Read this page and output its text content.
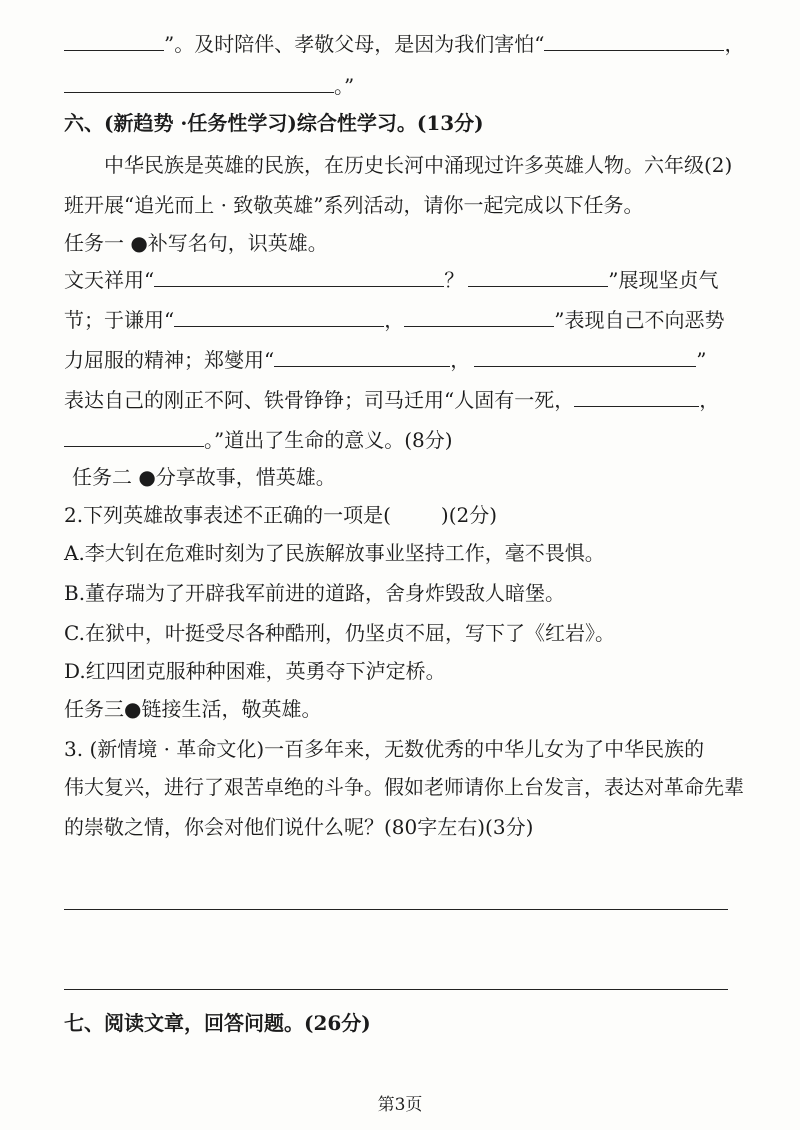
”。及时陪伴、孝敬父母，是因为我们害怕“	，
。”
六、(新趋势 ·任务性学习)综合性学习。(13分)
中华民族是英雄的民族，在历史长河中涌现过许多英雄人物。六年级(2)
班开展“追光而上 · 致敬英雄”系列活动，请你一起完成以下任务。
任务一 ●补写名句，识英雄。
文天祥用“	？	”展现坚贞气
节；于谦用“	，	”表现自己不向恶势
力屈服的精神；郑燮用“	，	”
表达自己的刚正不阿、铁骨铮铮；司马迁用“人固有一死，	，
。”道出了生命的意义。(8分)
任务二 ●分享故事，惜英雄。
2.下列英雄故事表述不正确的一项是(	)(2分)
A.李大钊在危难时刻为了民族解放事业坚持工作，毫不畏惧。
B.董存瑞为了开辟我军前进的道路，舍身炸毁敌人暗堡。
C.在狱中，叶挺受尽各种酷刑，仍坚贞不屈，写下了《红岩》。
D.红四团克服种种困难，英勇夺下泸定桥。
任务三●链接生活，敬英雄。
3. (新情境 · 革命文化)一百多年来，无数优秀的中华儿女为了中华民族的
伟大复兴，进行了艰苦卓绝的斗争。假如老师请你上台发言，表达对革命先辈
的崇敬之情，你会对他们说什么呢？(80字左右)(3分)
七、阅读文章，回答问题。(26分)
第3页
